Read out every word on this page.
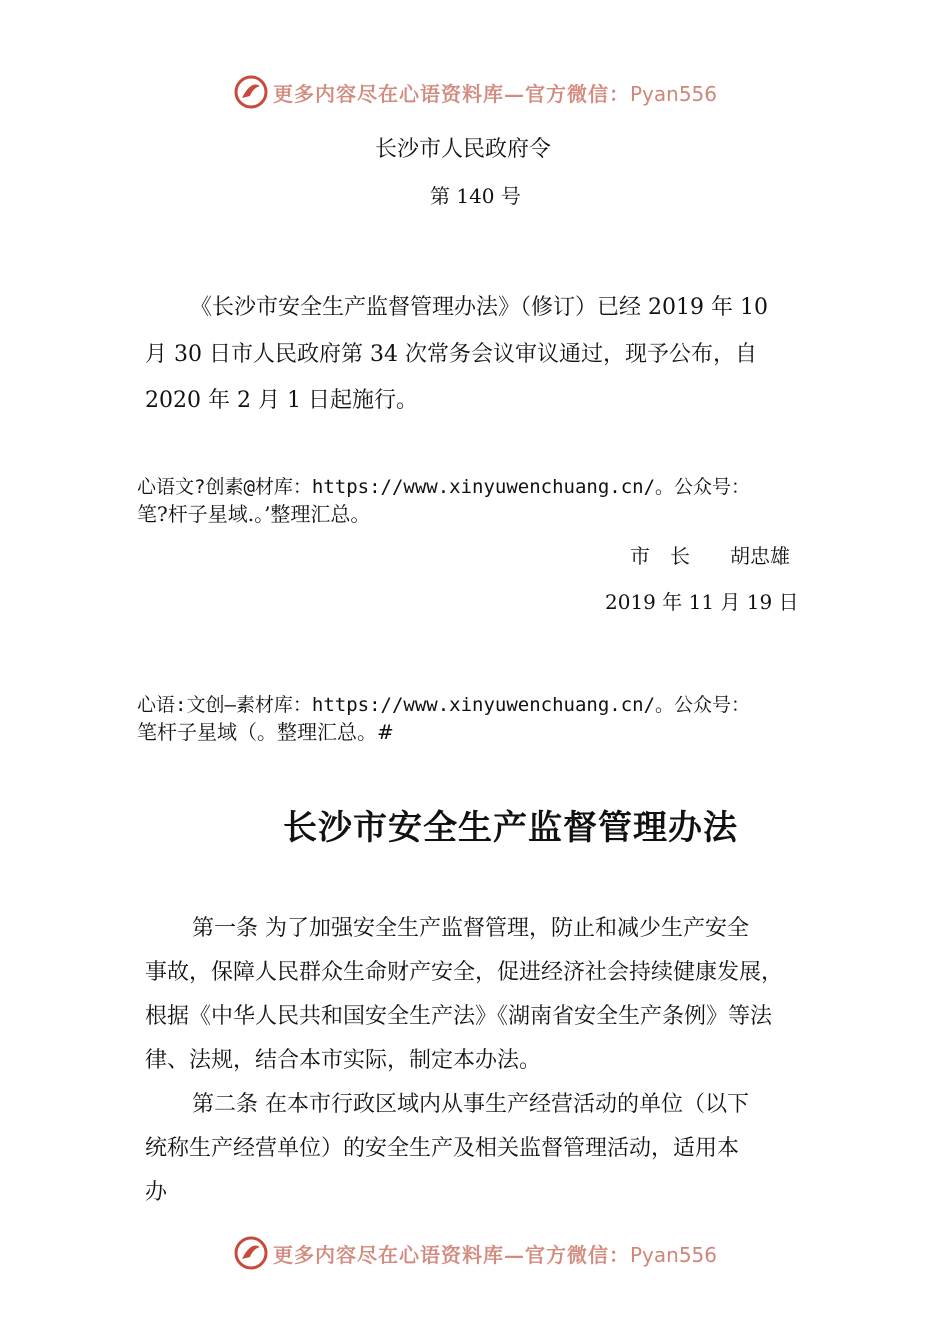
更多内容尽在心语资料库—官方微信：Pyan556
长沙市人民政府令
第 140 号
《长沙市安全生产监督管理办法》（修订）已经 2019 年 10
月 30 日市人民政府第 34 次常务会议审议通过，现予公布，自
2020 年 2 月 1 日起施行。
心语文?创素@材库：https://www.xinyuwenchuang.cn/。公众号：
笔?杆子星域.。’整理汇总。
市　长　　胡忠雄
2019 年 11 月 19 日
心语:文创—素材库：https://www.xinyuwenchuang.cn/。公众号：
笔杆子星域（。整理汇总。#
长沙市安全生产监督管理办法
第一条 为了加强安全生产监督管理，防止和减少生产安全
事故，保障人民群众生命财产安全，促进经济社会持续健康发展，
根据《中华人民共和国安全生产法》《湖南省安全生产条例》等法
律、法规，结合本市实际，制定本办法。
第二条 在本市行政区域内从事生产经营活动的单位（以下
统称生产经营单位）的安全生产及相关监督管理活动，适用本
办
更多内容尽在心语资料库—官方微信：Pyan556
